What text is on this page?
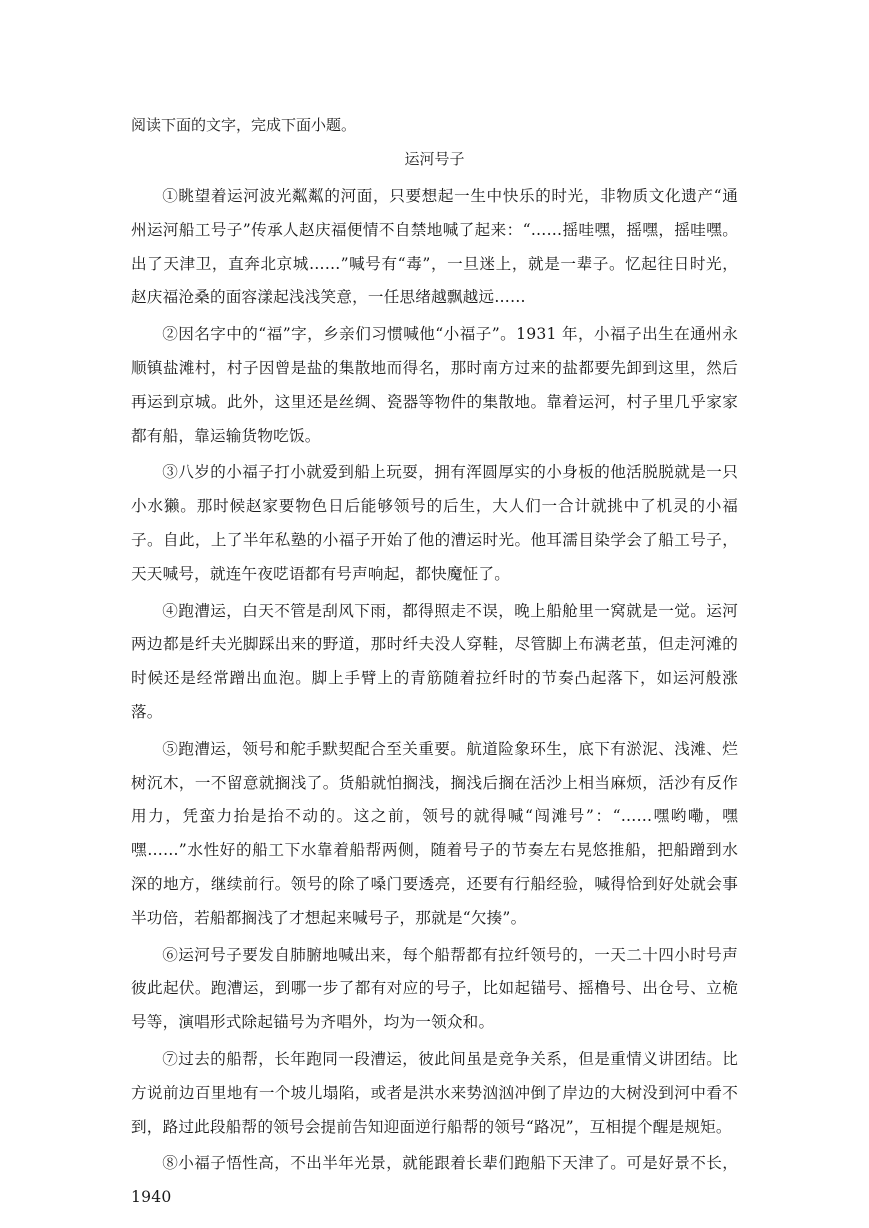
阅读下面的文字，完成下面小题。
运河号子

①眺望着运河波光粼粼的河面，只要想起一生中快乐的时光，非物质文化遗产“通州运河船工号子”传承人赵庆福便情不自禁地喊了起来：“……摇哇嘿，摇嘿，摇哇嘿。出了天津卫，直奔北京城……”喊号有“毒”，一旦迷上，就是一辈子。忆起往日时光，赵庆福沧桑的面容漾起浅浅笑意，一任思绪越飘越远……

②因名字中的“福”字，乡亲们习惯喊他“小福子”。1931 年，小福子出生在通州永顺镇盐滩村，村子因曾是盐的集散地而得名，那时南方过来的盐都要先卸到这里，然后再运到京城。此外，这里还是丝绸、瓷器等物件的集散地。靠着运河，村子里几乎家家都有船，靠运输货物吃饭。

③八岁的小福子打小就爱到船上玩耍，拥有浑圆厚实的小身板的他活脱脱就是一只小水獭。那时候赵家要物色日后能够领号的后生，大人们一合计就挑中了机灵的小福子。自此，上了半年私塾的小福子开始了他的漕运时光。他耳濡目染学会了船工号子，天天喊号，就连午夜呓语都有号声响起，都快魔怔了。

④跑漕运，白天不管是刮风下雨，都得照走不误，晚上船舱里一窝就是一觉。运河两边都是纤夫光脚踩出来的野道，那时纤夫没人穿鞋，尽管脚上布满老茧，但走河滩的时候还是经常蹭出血泡。脚上手臂上的青筋随着拉纤时的节奏凸起落下，如运河般涨落。

⑤跑漕运，领号和舵手默契配合至关重要。航道险象环生，底下有淤泥、浅滩、烂树沉木，一不留意就搁浅了。货船就怕搁浅，搁浅后搁在活沙上相当麻烦，活沙有反作用力，凭蛮力抬是抬不动的。这之前，领号的就得喊“闯滩号”：“……嘿哟嘞，嘿嘿……”水性好的船工下水靠着船帮两侧，随着号子的节奏左右晃悠推船，把船蹭到水深的地方，继续前行。领号的除了嗓门要透亮，还要有行船经验，喊得恰到好处就会事半功倍，若船都搁浅了才想起来喊号子，那就是“欠揍”。

⑥运河号子要发自肺腑地喊出来，每个船帮都有拉纤领号的，一天二十四小时号声彼此起伏。跑漕运，到哪一步了都有对应的号子，比如起锚号、摇橹号、出仓号、立桅号等，演唱形式除起锚号为齐唱外，均为一领众和。

⑦过去的船帮，长年跑同一段漕运，彼此间虽是竞争关系，但是重情义讲团结。比方说前边百里地有一个坡儿塌陷，或者是洪水来势汹汹冲倒了岸边的大树没到河中看不到，路过此段船帮的领号会提前告知迎面逆行船帮的领号“路况”，互相提个醒是规矩。

⑧小福子悟性高，不出半年光景，就能跟着长辈们跑船下天津了。可是好景不长，1940
